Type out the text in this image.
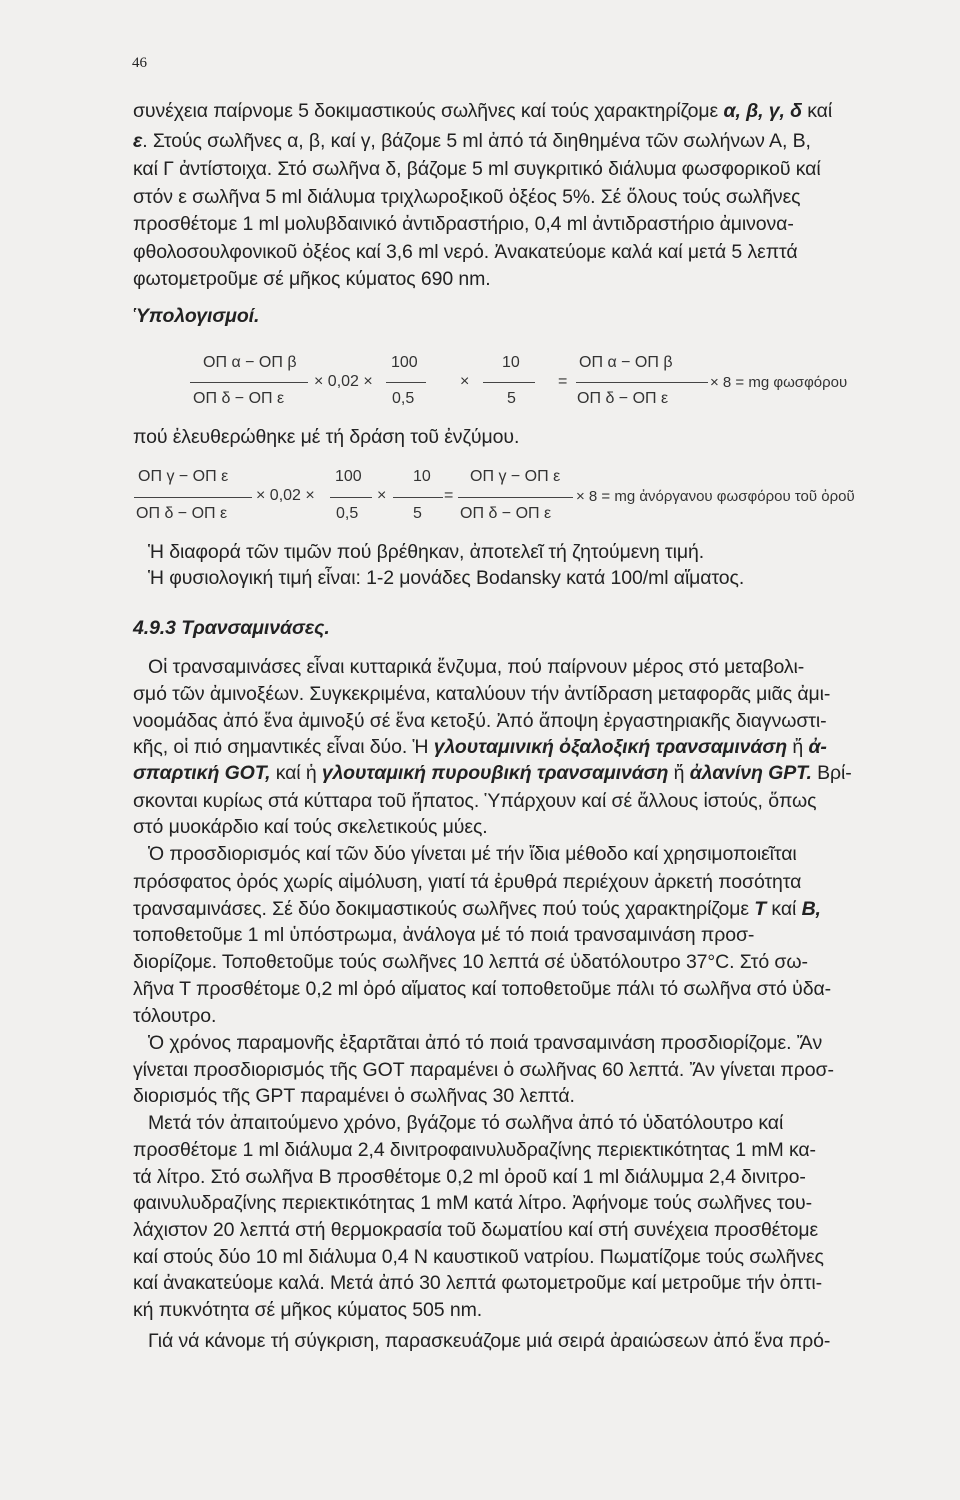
46
συνέχεια παίρνομε 5 δοκιμαστικούς σωλῆνες καί τούς χαρακτηρίζομε α, β, γ, δ καί
ε. Στούς σωλῆνες α, β, καί γ, βάζομε 5 ml ἀπό τά διηθημένα τῶν σωλήνων Α, Β,
καί Γ ἀντίστοιχα. Στό σωλῆνα δ, βάζομε 5 ml συγκριτικό διάλυμα φωσφορικοῦ καί
στόν ε σωλῆνα 5 ml διάλυμα τριχλωροξικοῦ ὀξέος 5%. Σέ ὅλους τούς σωλῆνες
προσθέτομε 1 ml μολυβδαινικό ἀντιδραστήριο, 0,4 ml ἀντιδραστήριο ἀμινονα-
φθολοσουλφονικοῦ ὀξέος καί 3,6 ml νερό. Ἀνακατεύομε καλά καί μετά 5 λεπτά
φωτομετροῦμε σέ μῆκος κύματος 690 nm.
Ὑπολογισμοί.
ΟΠ α − ΟΠ β
ΟΠ δ − ΟΠ ε
× 0,02 ×
100
0,5
×
10
5
=
ΟΠ α − ΟΠ β
ΟΠ δ − ΟΠ ε
× 8 = mg φωσφόρου
πού ἐλευθερώθηκε μέ τή δράση τοῦ ἐνζύμου.
ΟΠ γ − ΟΠ ε
ΟΠ δ − ΟΠ ε
× 0,02 ×
100
0,5
×
10
5
=
ΟΠ γ − ΟΠ ε
ΟΠ δ − ΟΠ ε
× 8 = mg ἀνόργανου φωσφόρου τοῦ ὀροῦ
Ἡ διαφορά τῶν τιμῶν πού βρέθηκαν, ἀποτελεῖ τή ζητούμενη τιμή.
Ἡ φυσιολογική τιμή εἶναι: 1-2 μονάδες Bodansky κατά 100/ml αἵματος.
4.9.3 Τρανσαμινάσες.
Οἱ τρανσαμινάσες εἶναι κυτταρικά ἔνζυμα, πού παίρνουν μέρος στό μεταβολι-
σμό τῶν ἀμινοξέων. Συγκεκριμένα, καταλύουν τήν ἀντίδραση μεταφορᾶς μιᾶς ἀμι-
νοομάδας ἀπό ἕνα ἀμινοξύ σέ ἕνα κετοξύ. Ἀπό ἄποψη ἐργαστηριακῆς διαγνωστι-
κῆς, οἱ πιό σημαντικές εἶναι δύο. Ἡ γλουταμινική ὀξαλοξική τρανσαμινάση ἤ ἀ-
σπαρτική GOT, καί ἡ γλουταμική πυρουβική τρανσαμινάση ἤ ἀλανίνη GPT. Βρί-
σκονται κυρίως στά κύτταρα τοῦ ἥπατος. Ὑπάρχουν καί σέ ἄλλους ἱστούς, ὅπως
στό μυοκάρδιο καί τούς σκελετικούς μύες.
Ὁ προσδιορισμός καί τῶν δύο γίνεται μέ τήν ἴδια μέθοδο καί χρησιμοποιεῖται
πρόσφατος ὀρός χωρίς αἱμόλυση, γιατί τά ἐρυθρά περιέχουν ἀρκετή ποσότητα
τρανσαμινάσες. Σέ δύο δοκιμαστικούς σωλῆνες πού τούς χαρακτηρίζομε Τ καί Β,
τοποθετοῦμε 1 ml ὑπόστρωμα, ἀνάλογα μέ τό ποιά τρανσαμινάση προσ-
διορίζομε. Τοποθετοῦμε τούς σωλῆνες 10 λεπτά σέ ὑδατόλουτρο 37°C. Στό σω-
λῆνα Τ προσθέτομε 0,2 ml ὀρό αἵματος καί τοποθετοῦμε πάλι τό σωλῆνα στό ὑδα-
τόλουτρο.
Ὁ χρόνος παραμονῆς ἐξαρτᾶται ἀπό τό ποιά τρανσαμινάση προσδιορίζομε. Ἄν
γίνεται προσδιορισμός τῆς GOT παραμένει ὁ σωλῆνας 60 λεπτά. Ἄν γίνεται προσ-
διορισμός τῆς GPT παραμένει ὁ σωλῆνας 30 λεπτά.
Μετά τόν ἀπαιτούμενο χρόνο, βγάζομε τό σωλῆνα ἀπό τό ὑδατόλουτρο καί
προσθέτομε 1 ml διάλυμα 2,4 δινιτροφαινυλυδραζίνης περιεκτικότητας 1 mM κα-
τά λίτρο. Στό σωλῆνα Β προσθέτομε 0,2 ml ὀροῦ καί 1 ml διάλυμμα 2,4 δινιτρο-
φαινυλυδραζίνης περιεκτικότητας 1 mM κατά λίτρο. Ἀφήνομε τούς σωλῆνες του-
λάχιστον 20 λεπτά στή θερμοκρασία τοῦ δωματίου καί στή συνέχεια προσθέτομε
καί στούς δύο 10 ml διάλυμα 0,4 Ν καυστικοῦ νατρίου. Πωματίζομε τούς σωλῆνες
καί ἀνακατεύομε καλά. Μετά ἀπό 30 λεπτά φωτομετροῦμε καί μετροῦμε τήν ὀπτι-
κή πυκνότητα σέ μῆκος κύματος 505 nm.
Γιά νά κάνομε τή σύγκριση, παρασκευάζομε μιά σειρά ἀραιώσεων ἀπό ἕνα πρό-
